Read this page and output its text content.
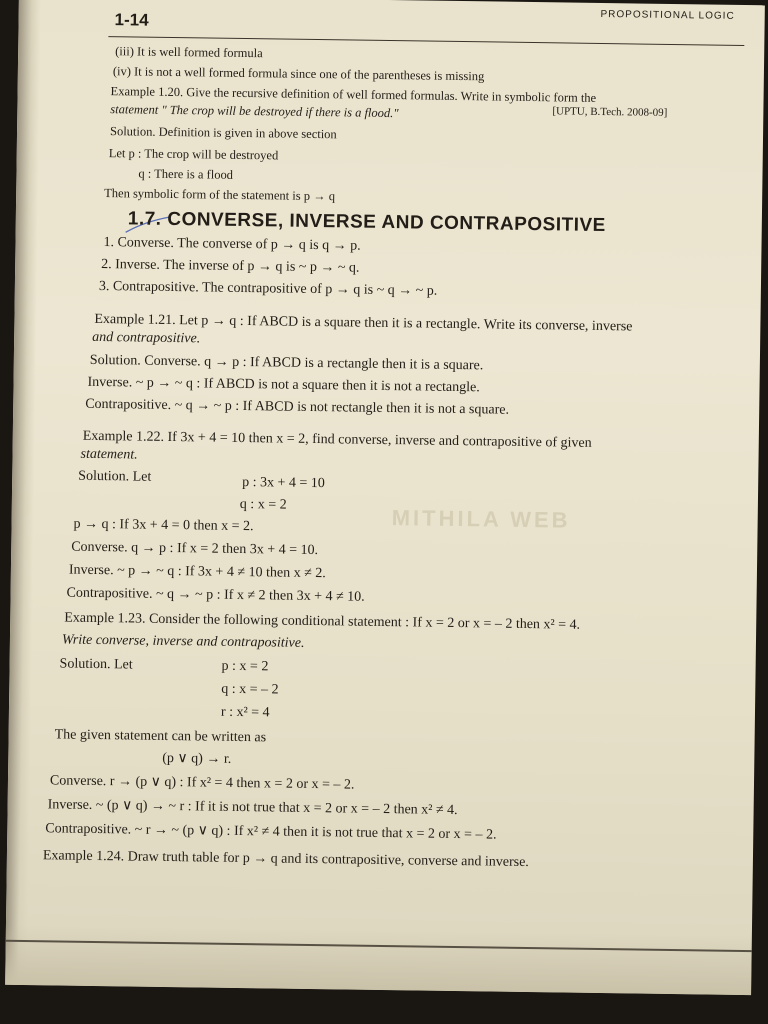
1-14	PROPOSITIONAL LOGIC
MITHILA WEB
(iii) It is well formed formula
(iv) It is not a well formed formula since one of the parentheses is missing
Example 1.20. Give the recursive definition of well formed formulas. Write in symbolic form the
statement " The crop will be destroyed if there is a flood."	[UPTU, B.Tech. 2008-09]
Solution. Definition is given in above section
Let p : The crop will be destroyed
q : There is a flood
Then symbolic form of the statement is p → q
1.7. CONVERSE, INVERSE AND CONTRAPOSITIVE
1. Converse. The converse of p → q is q → p.
2. Inverse. The inverse of p → q is ~ p → ~ q.
3. Contrapositive. The contrapositive of p → q is ~ q → ~ p.
Example 1.21. Let p → q : If ABCD is a square then it is a rectangle. Write its converse, inverse
and contrapositive.
Solution. Converse. q → p : If ABCD is a rectangle then it is a square.
Inverse. ~ p → ~ q : If ABCD is not a square then it is not a rectangle.
Contrapositive. ~ q → ~ p : If ABCD is not rectangle then it is not a square.
Example 1.22. If 3x + 4 = 10 then x = 2, find converse, inverse and contrapositive of given
statement.
Solution. Let	p : 3x + 4 = 10
q : x = 2
p → q : If 3x + 4 = 0 then x = 2.
Converse. q → p : If x = 2 then 3x + 4 = 10.
Inverse. ~ p → ~ q : If 3x + 4 ≠ 10 then x ≠ 2.
Contrapositive. ~ q → ~ p : If x ≠ 2 then 3x + 4 ≠ 10.
Example 1.23. Consider the following conditional statement : If x = 2 or x = – 2 then x² = 4.
Write converse, inverse and contrapositive.
Solution. Let	p : x = 2
q : x = – 2
r : x² = 4
The given statement can be written as
(p ∨ q) → r.
Converse. r → (p ∨ q) : If x² = 4 then x = 2 or x = – 2.
Inverse. ~ (p ∨ q) → ~ r : If it is not true that x = 2 or x = – 2 then x² ≠ 4.
Contrapositive. ~ r → ~ (p ∨ q) : If x² ≠ 4 then it is not true that x = 2 or x = – 2.
Example 1.24. Draw truth table for p → q and its contrapositive, converse and inverse.
